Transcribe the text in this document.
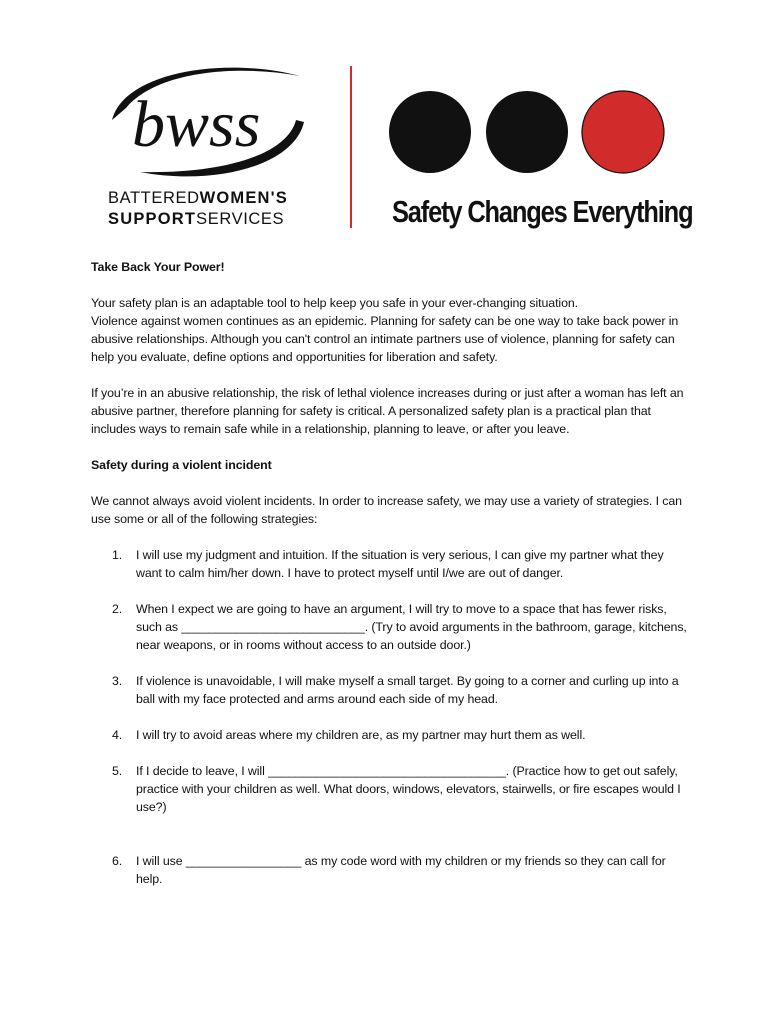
bwss
BATTEREDWOMEN'S
SUPPORTSERVICES	Safety Changes Everything

Take Back Your Power!

Your safety plan is an adaptable tool to help keep you safe in your ever-changing situation.

Violence against women continues as an epidemic. Planning for safety can be one way to take back power in abusive relationships. Although you can't control an intimate partners use of violence, planning for safety can help you evaluate, define options and opportunities for liberation and safety.

If you’re in an abusive relationship, the risk of lethal violence increases during or just after a woman has left an abusive partner, therefore planning for safety is critical. A personalized safety plan is a practical plan that includes ways to remain safe while in a relationship, planning to leave, or after you leave.

Safety during a violent incident

We cannot always avoid violent incidents. In order to increase safety, we may use a variety of strategies. I can use some or all of the following strategies:

1. I will use my judgment and intuition. If the situation is very serious, I can give my partner what they want to calm him/her down. I have to protect myself until I/we are out of danger.
2. When I expect we are going to have an argument, I will try to move to a space that has fewer risks, such as ___________________________. (Try to avoid arguments in the bathroom, garage, kitchens, near weapons, or in rooms without access to an outside door.)
3. If violence is unavoidable, I will make myself a small target. By going to a corner and curling up into a ball with my face protected and arms around each side of my head.
4. I will try to avoid areas where my children are, as my partner may hurt them as well.
5. If I decide to leave, I will ___________________________________. (Practice how to get out safely, practice with your children as well. What doors, windows, elevators, stairwells, or fire escapes would I use?)
6. I will use _________________ as my code word with my children or my friends so they can call for help.
